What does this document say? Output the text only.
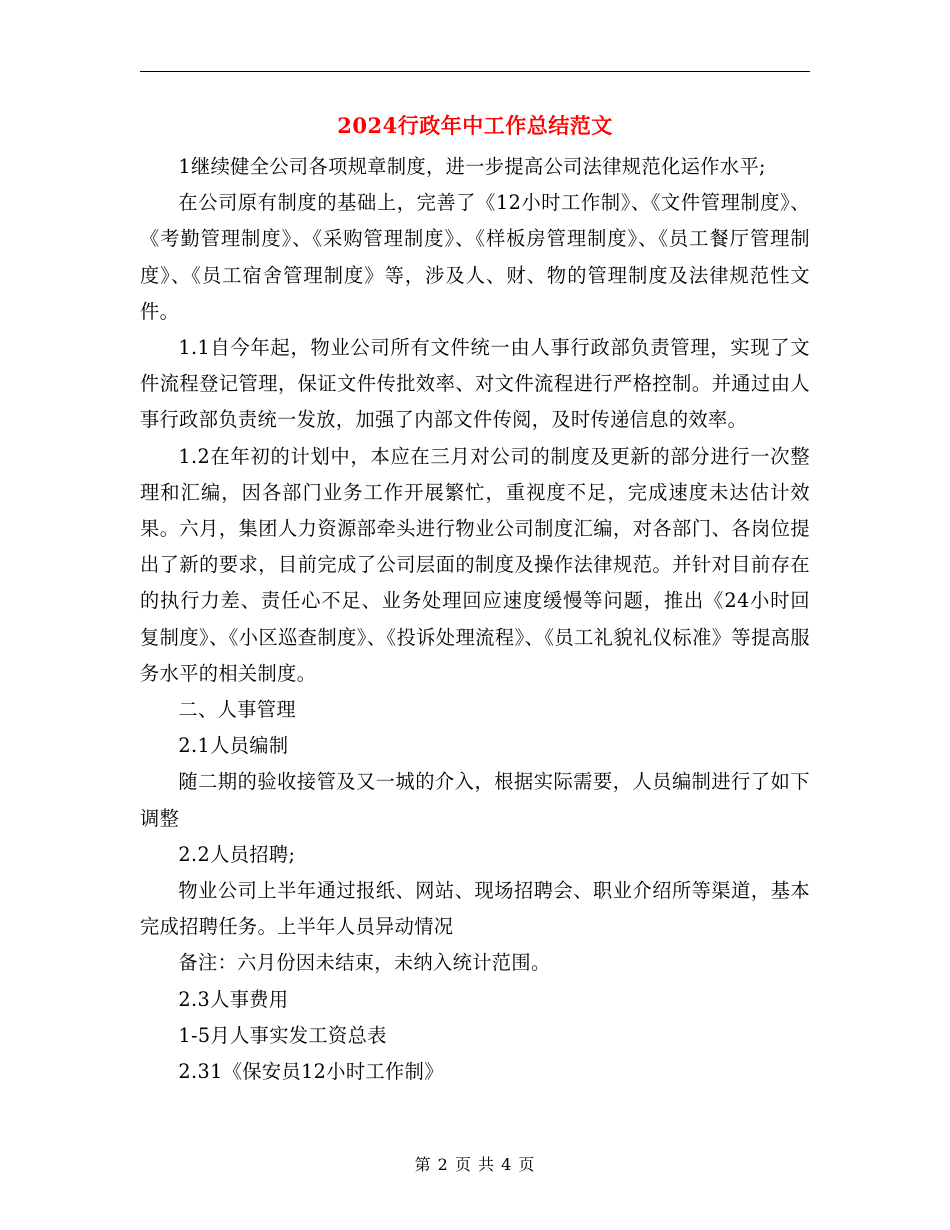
2024行政年中工作总结范文

1继续健全公司各项规章制度，进一步提高公司法律规范化运作水平;

在公司原有制度的基础上，完善了《12小时工作制》、《文件管理制度》、《考勤管理制度》、《采购管理制度》、《样板房管理制度》、《员工餐厅管理制度》、《员工宿舍管理制度》等，涉及人、财、物的管理制度及法律规范性文件。

1.1自今年起，物业公司所有文件统一由人事行政部负责管理，实现了文件流程登记管理，保证文件传批效率、对文件流程进行严格控制。并通过由人事行政部负责统一发放，加强了内部文件传阅，及时传递信息的效率。

1.2在年初的计划中，本应在三月对公司的制度及更新的部分进行一次整理和汇编，因各部门业务工作开展繁忙，重视度不足，完成速度未达估计效果。六月，集团人力资源部牵头进行物业公司制度汇编，对各部门、各岗位提出了新的要求，目前完成了公司层面的制度及操作法律规范。并针对目前存在的执行力差、责任心不足、业务处理回应速度缓慢等问题，推出《24小时回复制度》、《小区巡查制度》、《投诉处理流程》、《员工礼貌礼仪标准》等提高服务水平的相关制度。

二、人事管理

2.1人员编制

随二期的验收接管及又一城的介入，根据实际需要，人员编制进行了如下调整

2.2人员招聘;

物业公司上半年通过报纸、网站、现场招聘会、职业介绍所等渠道，基本完成招聘任务。上半年人员异动情况

备注：六月份因未结束，未纳入统计范围。

2.3人事费用

1-5月人事实发工资总表

2.31《保安员12小时工作制》

第 2 页 共 4 页
